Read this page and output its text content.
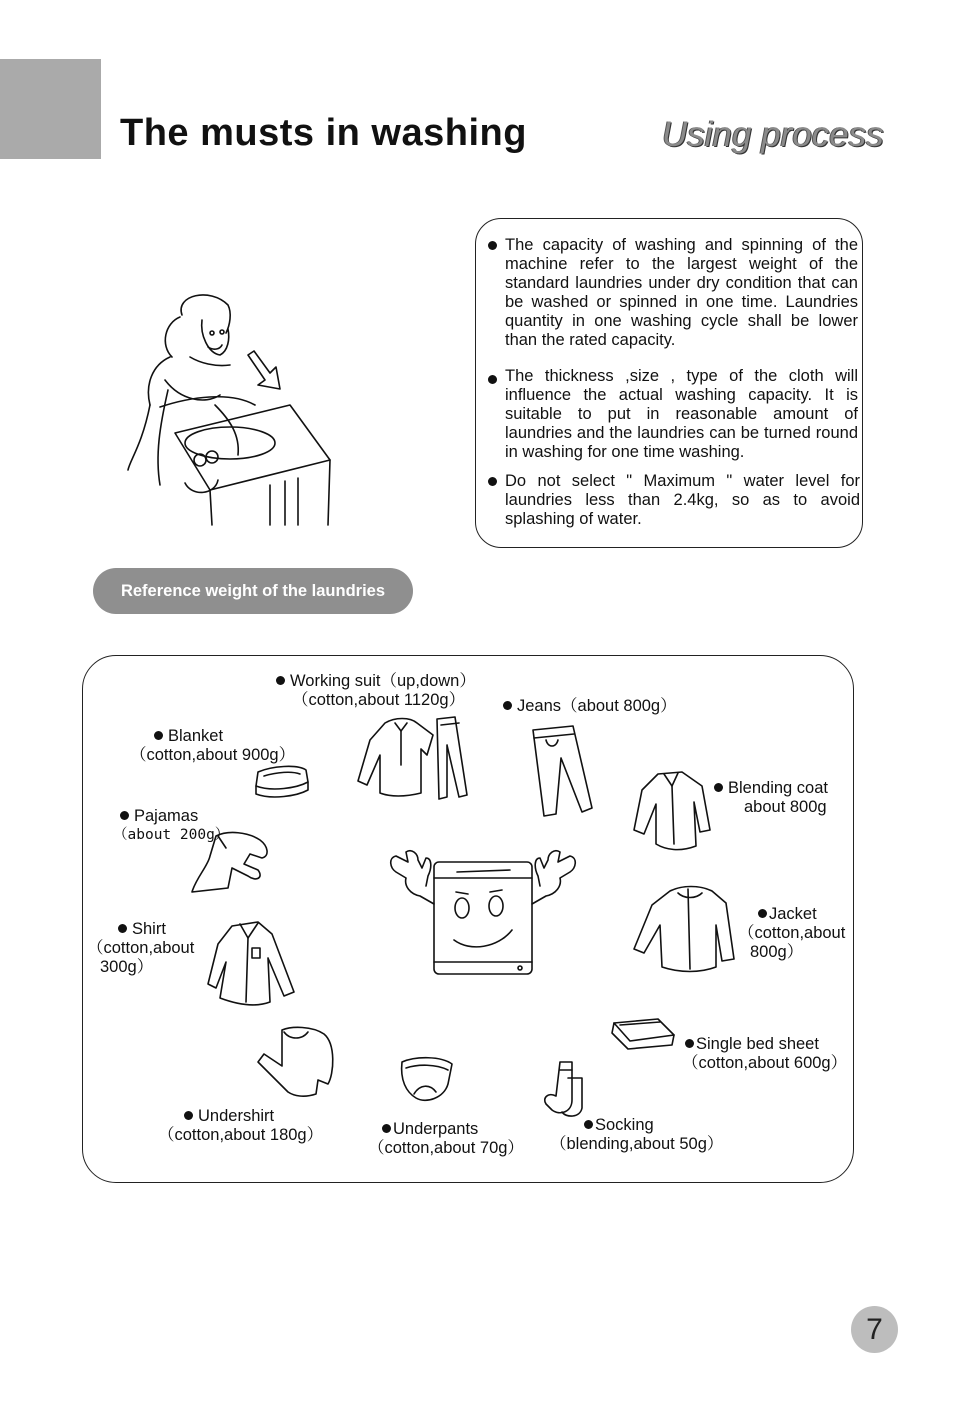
The musts in washing	Using process
The capacity of washing and spinning of the machine refer to the largest weight of the standard laundries under dry condition that can be washed or spinned in one time. Laundries quantity in one washing cycle shall be lower than the rated capacity.
The thickness ,size , type of the cloth will influence the actual washing capacity. It is suitable to put in reasonable amount of laundries and the laundries can be turned round in washing for one time washing.
Do not select " Maximum " water level for laundries less than 2.4kg, so as to avoid splashing of water.
Reference weight of the laundries
Working suit（up,down）
（cotton,about 1120g）	Jeans（about 800g）
Blanket
（cotton,about 900g）
Blending coat
about 800g
Pajamas
（about 200g）
Shirt
（cotton,about
300g）
Jacket
（cotton,about
800g）
Single bed sheet
（cotton,about 600g）
Undershirt
（cotton,about 180g）	Underpants
（cotton,about 70g）
Socking
（blending,about 50g）
7
